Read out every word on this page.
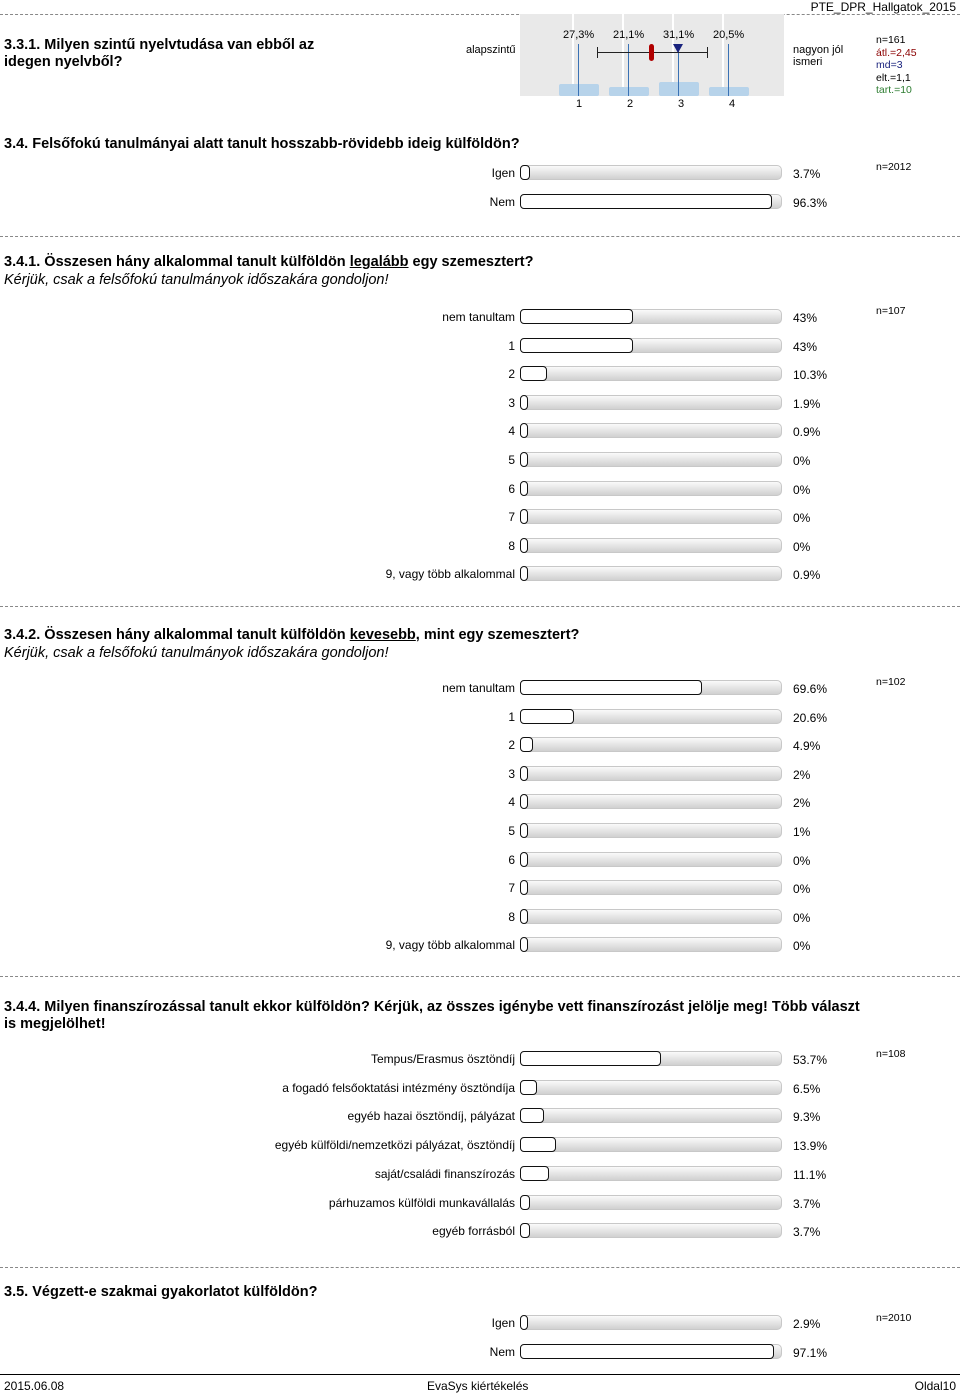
PTE_DPR_Hallgatok_2015
3.3.1. Milyen szintű nyelvtudása van ebből az idegen nyelvből?
alapszintű	nagyon jól ismeri
27,3% 21,1% 31,1% 20,5%
1	2	3	4
n=161
átl.=2,45
md=3
elt.=1,1
tart.=10
3.4. Felsőfokú tanulmányai alatt tanult hosszabb-rövidebb ideig külföldön?
n=2012
Igen	3.7%
Nem	96.3%
3.4.1. Összesen hány alkalommal tanult külföldön legalább egy szemesztert?
Kérjük, csak a felsőfokú tanulmányok időszakára gondoljon!
n=107
nem tanultam	43%
1	43%
2	10.3%
3	1.9%
4	0.9%
5	0%
6	0%
7	0%
8	0%
9, vagy több alkalommal	0.9%
3.4.2. Összesen hány alkalommal tanult külföldön kevesebb, mint egy szemesztert?
Kérjük, csak a felsőfokú tanulmányok időszakára gondoljon!
n=102
nem tanultam	69.6%
1	20.6%
2	4.9%
3	2%
4	2%
5	1%
6	0%
7	0%
8	0%
9, vagy több alkalommal	0%
3.4.4. Milyen finanszírozással tanult ekkor külföldön? Kérjük, az összes igénybe vett finanszírozást jelölje meg! Több választ is megjelölhet!
n=108
Tempus/Erasmus ösztöndíj	53.7%
a fogadó felsőoktatási intézmény ösztöndíja	6.5%
egyéb hazai ösztöndíj, pályázat	9.3%
egyéb külföldi/nemzetközi pályázat, ösztöndíj	13.9%
saját/családi finanszírozás	11.1%
párhuzamos külföldi munkavállalás	3.7%
egyéb forrásból	3.7%
3.5. Végzett-e szakmai gyakorlatot külföldön?
n=2010
Igen	2.9%
Nem	97.1%
2015.06.08	EvaSys kiértékelés	Oldal10
